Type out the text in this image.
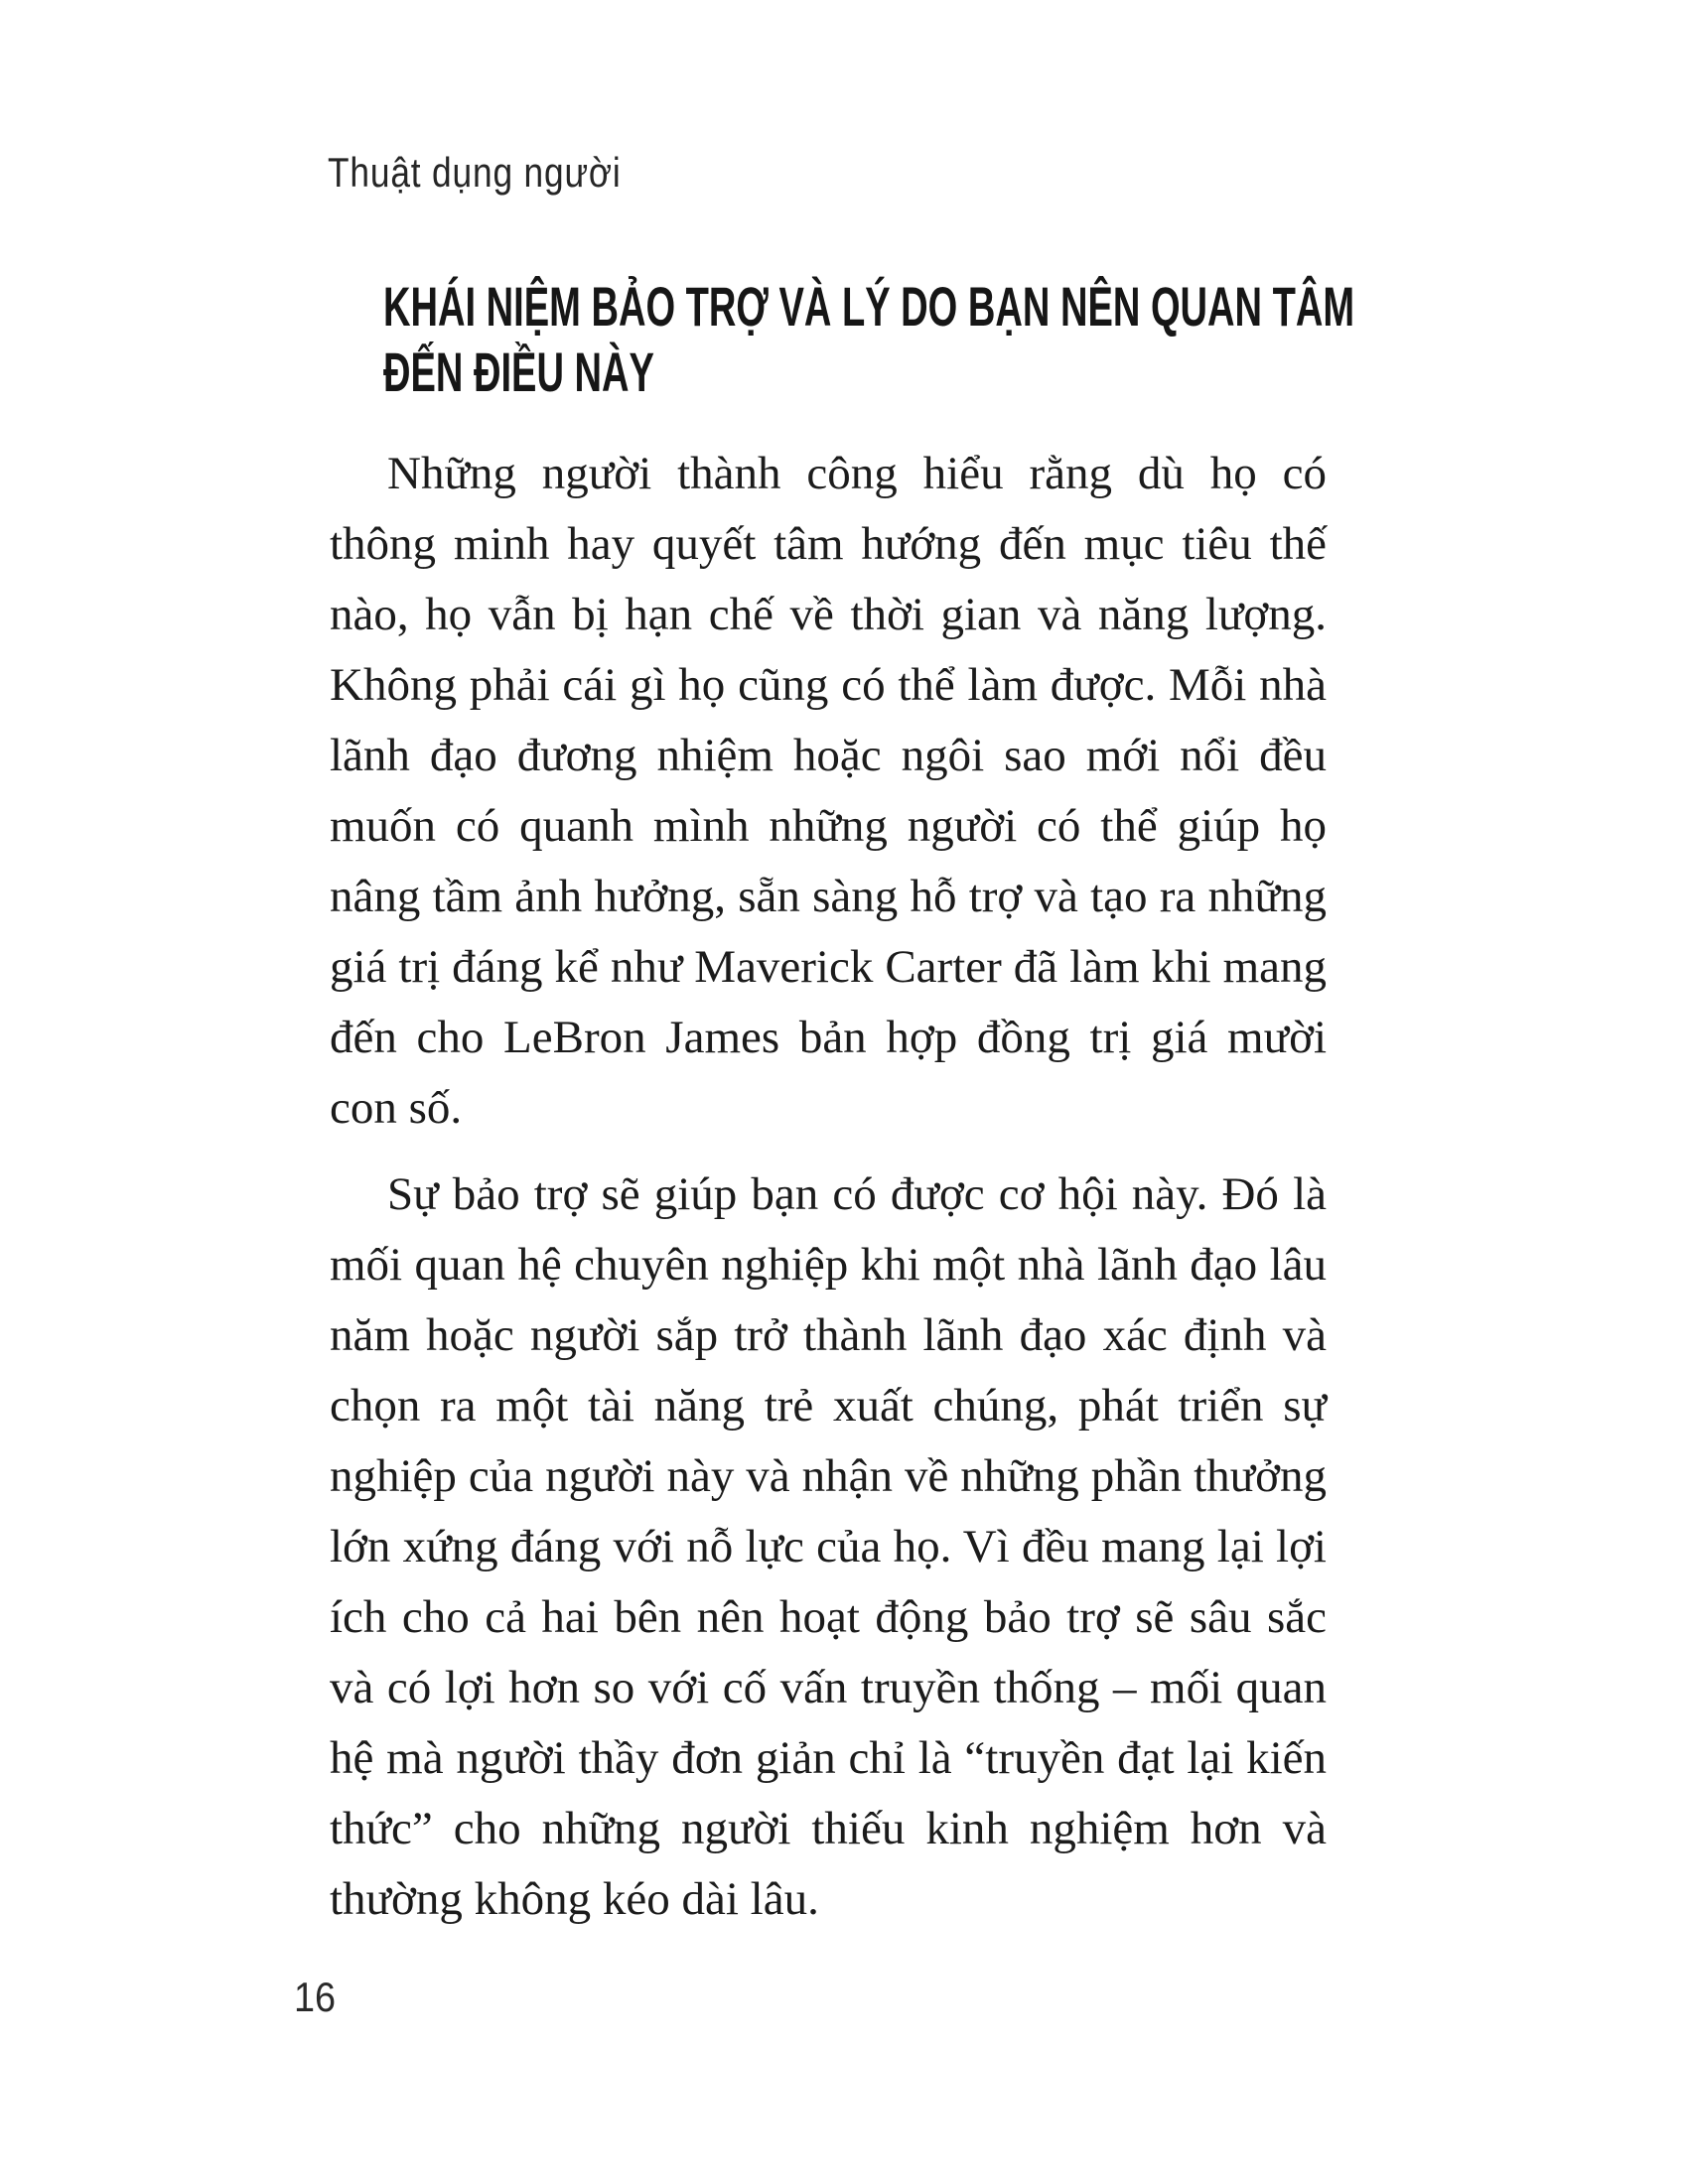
Thuật dụng người
KHÁI NIỆM BẢO TRỢ VÀ LÝ DO BẠN NÊN QUAN TÂM
ĐẾN ĐIỀU NÀY

Những người thành công hiểu rằng dù họ có thông minh hay quyết tâm hướng đến mục tiêu thế nào, họ vẫn bị hạn chế về thời gian và năng lượng. Không phải cái gì họ cũng có thể làm được. Mỗi nhà lãnh đạo đương nhiệm hoặc ngôi sao mới nổi đều muốn có quanh mình những người có thể giúp họ nâng tầm ảnh hưởng, sẵn sàng hỗ trợ và tạo ra những giá trị đáng kể như Maverick Carter đã làm khi mang đến cho LeBron James bản hợp đồng trị giá mười con số.

Sự bảo trợ sẽ giúp bạn có được cơ hội này. Đó là mối quan hệ chuyên nghiệp khi một nhà lãnh đạo lâu năm hoặc người sắp trở thành lãnh đạo xác định và chọn ra một tài năng trẻ xuất chúng, phát triển sự nghiệp của người này và nhận về những phần thưởng lớn xứng đáng với nỗ lực của họ. Vì đều mang lại lợi ích cho cả hai bên nên hoạt động bảo trợ sẽ sâu sắc và có lợi hơn so với cố vấn truyền thống – mối quan hệ mà người thầy đơn giản chỉ là “truyền đạt lại kiến thức” cho những người thiếu kinh nghiệm hơn và thường không kéo dài lâu.

16
